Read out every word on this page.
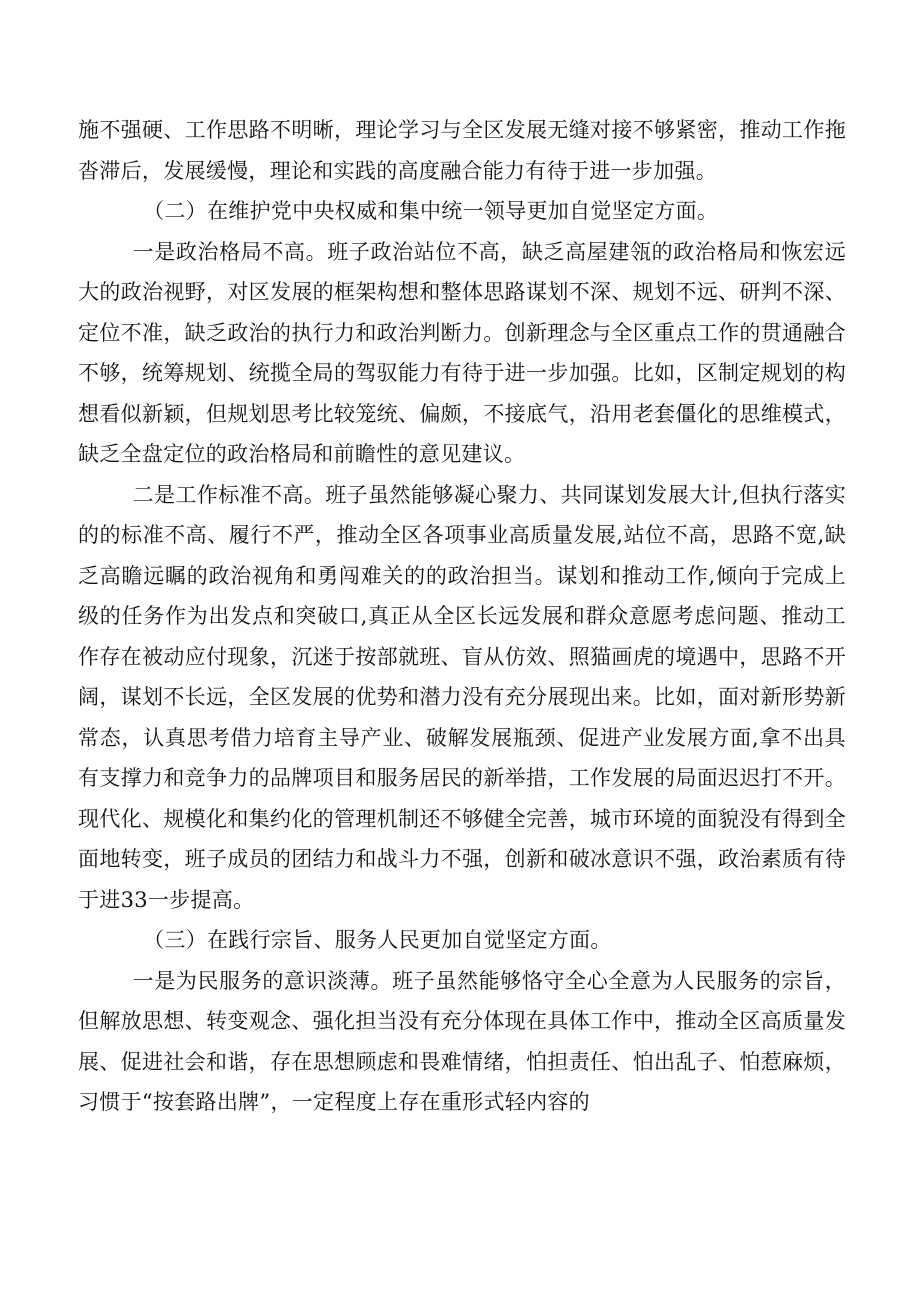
施不强硬、工作思路不明晰，理论学习与全区发展无缝对接不够紧密，推动工作拖沓滞后，发展缓慢，理论和实践的高度融合能力有待于进一步加强。

（二）在维护党中央权威和集中统一领导更加自觉坚定方面。

一是政治格局不高。班子政治站位不高，缺乏高屋建瓴的政治格局和恢宏远大的政治视野，对区发展的框架构想和整体思路谋划不深、规划不远、研判不深、定位不准，缺乏政治的执行力和政治判断力。创新理念与全区重点工作的贯通融合不够，统筹规划、统揽全局的驾驭能力有待于进一步加强。比如，区制定规划的构想看似新颖，但规划思考比较笼统、偏颇，不接底气，沿用老套僵化的思维模式，缺乏全盘定位的政治格局和前瞻性的意见建议。

二是工作标准不高。班子虽然能够凝心聚力、共同谋划发展大计,但执行落实的的标准不高、履行不严，推动全区各项事业高质量发展,站位不高，思路不宽,缺乏高瞻远瞩的政治视角和勇闯难关的的政治担当。谋划和推动工作,倾向于完成上级的任务作为出发点和突破口,真正从全区长远发展和群众意愿考虑问题、推动工作存在被动应付现象，沉迷于按部就班、盲从仿效、照猫画虎的境遇中，思路不开阔，谋划不长远，全区发展的优势和潜力没有充分展现出来。比如，面对新形势新常态，认真思考借力培育主导产业、破解发展瓶颈、促进产业发展方面,拿不出具有支撑力和竞争力的品牌项目和服务居民的新举措，工作发展的局面迟迟打不开。现代化、规模化和集约化的管理机制还不够健全完善，城市环境的面貌没有得到全面地转变，班子成员的团结力和战斗力不强，创新和破冰意识不强，政治素质有待于进33一步提高。

（三）在践行宗旨、服务人民更加自觉坚定方面。

一是为民服务的意识淡薄。班子虽然能够恪守全心全意为人民服务的宗旨，但解放思想、转变观念、强化担当没有充分体现在具体工作中，推动全区高质量发展、促进社会和谐，存在思想顾虑和畏难情绪，怕担责任、怕出乱子、怕惹麻烦，习惯于“按套路出牌”，一定程度上存在重形式轻内容的
